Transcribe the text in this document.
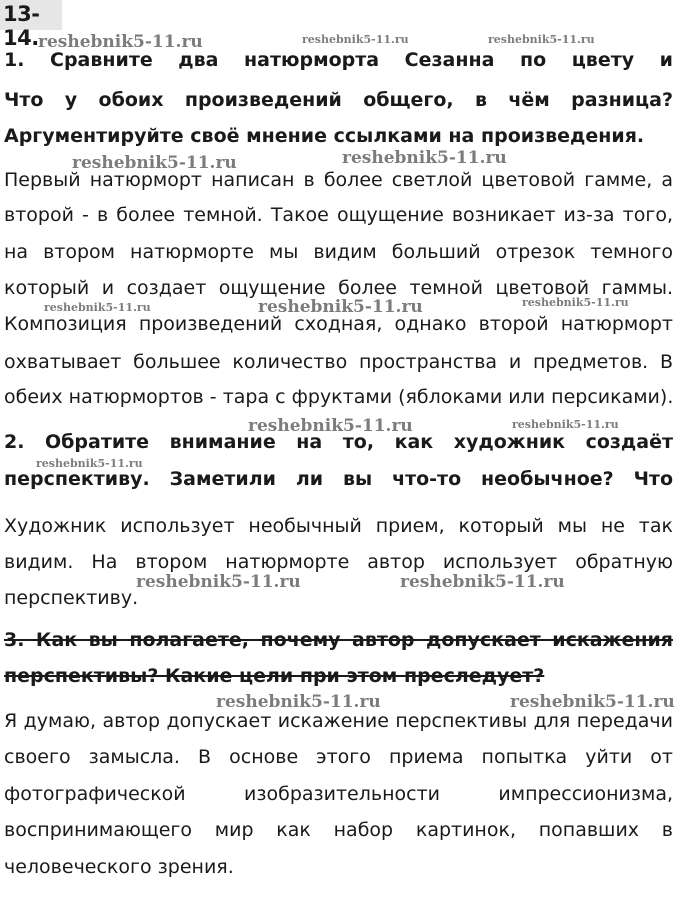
13-14.
1. Сравните два натюрморта Сезанна по цвету и
Что у обоих произведений общего, в чём разница?
Аргументируйте своё мнение ссылками на произведения.
Первый натюрморт написан в более светлой цветовой гамме, а
второй - в более темной. Такое ощущение возникает из-за того,
на втором натюрморте мы видим больший отрезок темного
который и создает ощущение более темной цветовой гаммы.
Композиция произведений сходная, однако второй натюрморт
охватывает большее количество пространства и предметов. В
обеих натюрмортов - тара с фруктами (яблоками или персиками).
2. Обратите внимание на то, как художник создаёт
перспективу. Заметили ли вы что-то необычное? Что
Художник использует необычный прием, который мы не так
видим. На втором натюрморте автор использует обратную
перспективу.
3. Как вы полагаете, почему автор допускает искажения
перспективы? Какие цели при этом преследует?
Я думаю, автор допускает искажение перспективы для передачи
своего замысла. В основе этого приема попытка уйти от
фотографической изобразительности импрессионизма,
воспринимающего мир как набор картинок, попавших в
человеческого зрения.
reshebnik5-11.ru	reshebnik5-11.ru	reshebnik5-11.ru
reshebnik5-11.ru	reshebnik5-11.ru
reshebnik5-11.ru	reshebnik5-11.ru	reshebnik5-11.ru
reshebnik5-11.ru	reshebnik5-11.ru
reshebnik5-11.ru
reshebnik5-11.ru	reshebnik5-11.ru
reshebnik5-11.ru	reshebnik5-11.ru
